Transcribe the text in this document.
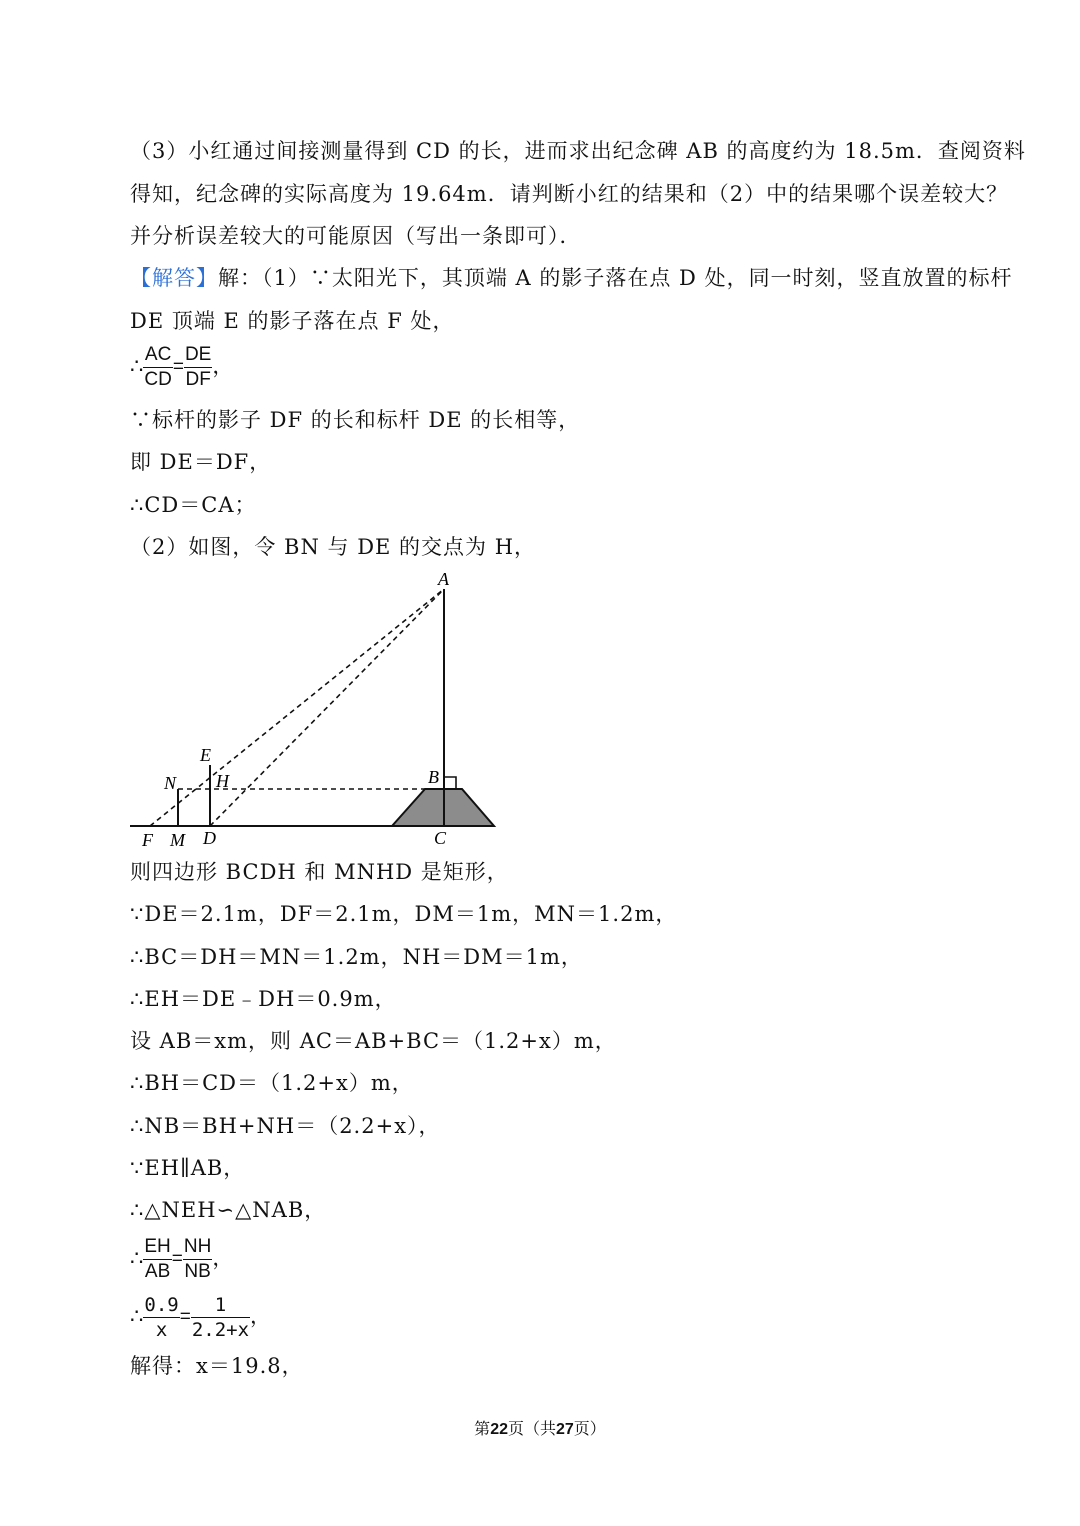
（3）小红通过间接测量得到 CD 的长，进而求出纪念碑 AB 的高度约为 18.5m．查阅资料
得知，纪念碑的实际高度为 19.64m．请判断小红的结果和（2）中的结果哪个误差较大？
并分析误差较大的可能原因（写出一条即可）．
【解答】解：（1）∵太阳光下，其顶端 A 的影子落在点 D 处，同一时刻，竖直放置的标杆
DE 顶端 E 的影子落在点 F 处，
∴ $\frac{AC}{CD} = \frac{DE}{DF}$ ，
∵标杆的影子 DF 的长和标杆 DE 的长相等，
即 DE＝DF，
∴CD＝CA；
（2）如图，令 BN 与 DE 的交点为 H，
A
B
C
D
E
F M
N H
则四边形 BCDH 和 MNHD 是矩形，
∵DE＝2.1m，DF＝2.1m，DM＝1m，MN＝1.2m，
∴BC＝DH＝MN＝1.2m，NH＝DM＝1m，
∴EH＝DE﹣DH＝0.9m，
设 AB＝xm，则 AC＝AB+BC＝（1.2+x）m，
∴BH＝CD＝（1.2+x）m，
∴NB＝BH+NH＝（2.2+x），
∵EH∥AB，
∴△NEH∽△NAB，
∴ $\frac{EH}{AB} = \frac{NH}{NB}$ ，
∴ $\frac{0.9}{x} = \frac{1}{2.2+x}$ ，
解得：x＝19.8，
第22页（共27页）
